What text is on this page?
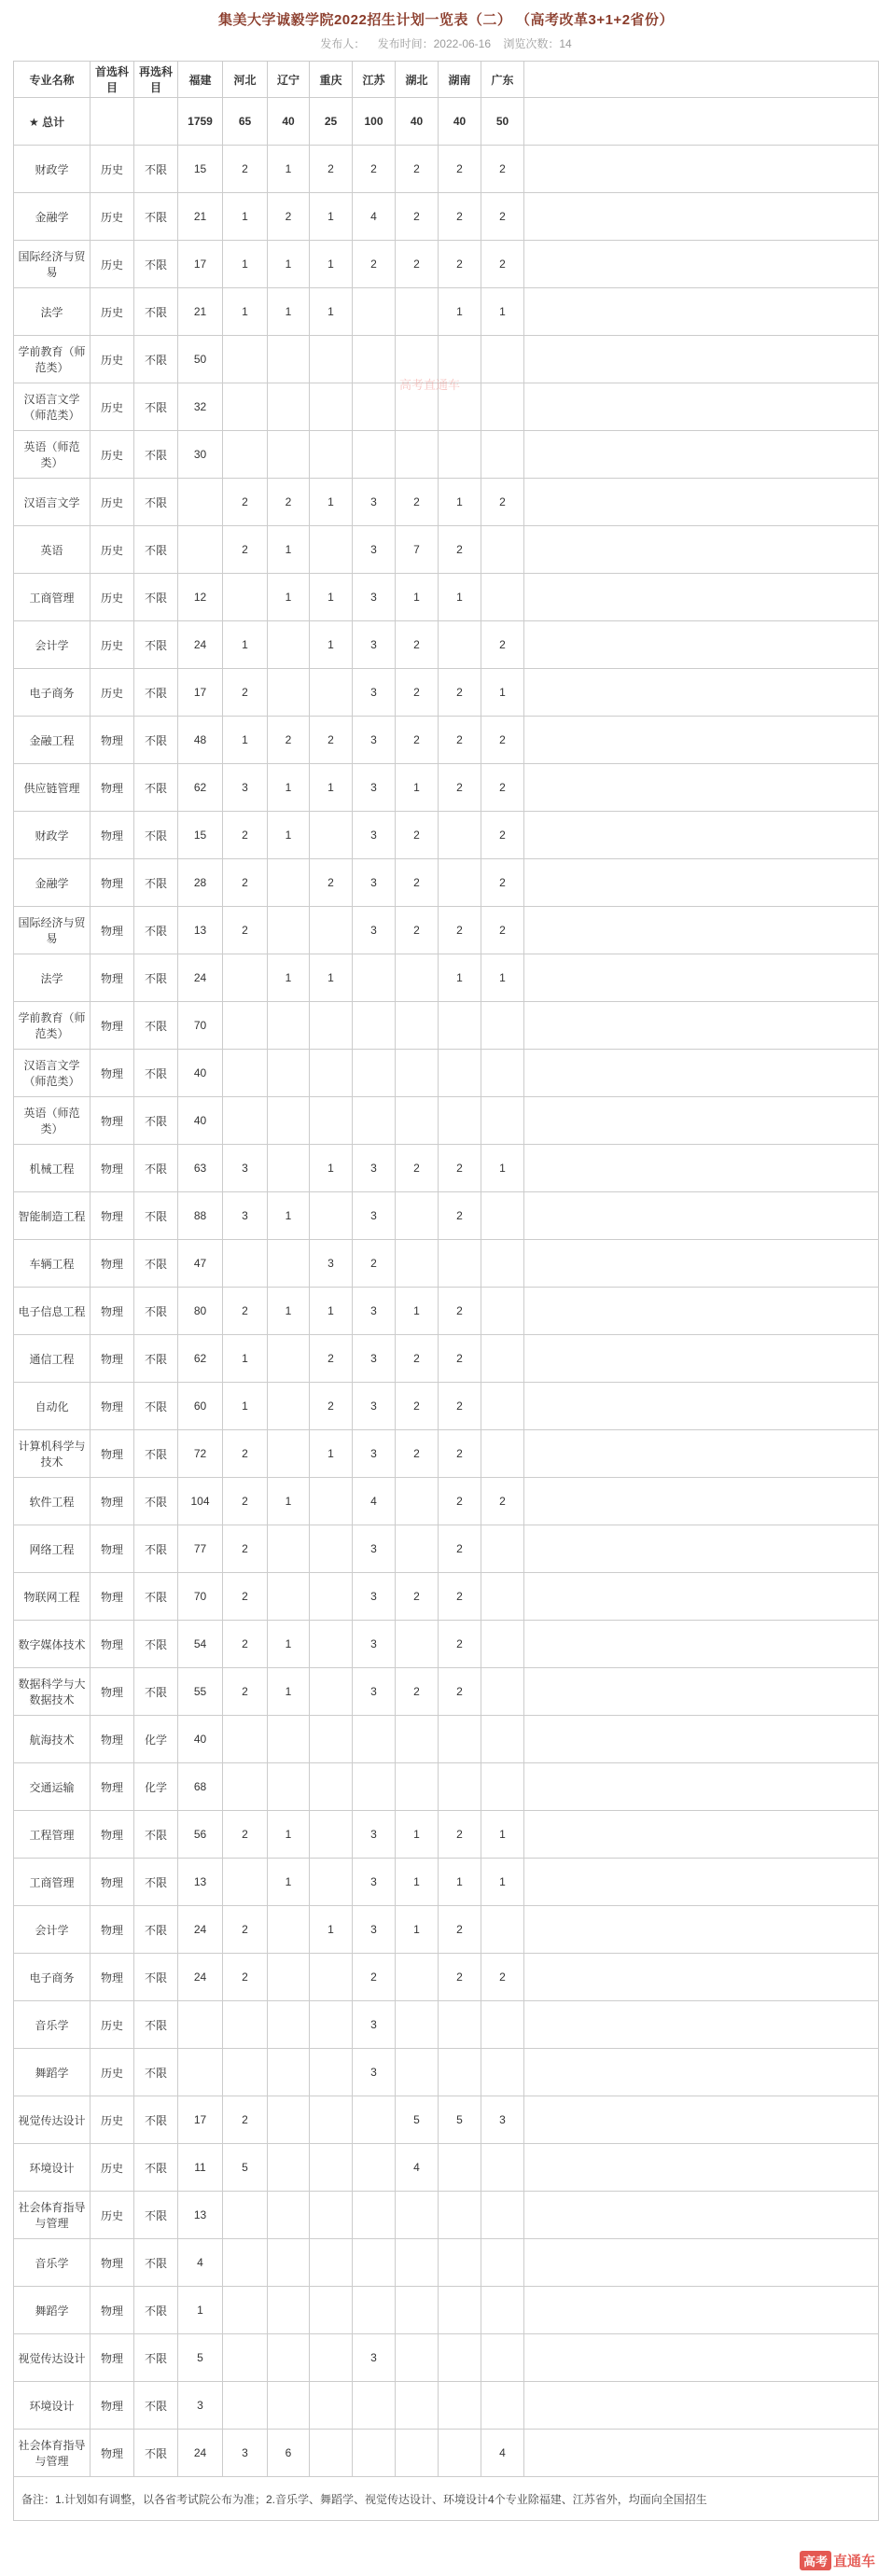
集美大学诚毅学院2022招生计划一览表（二） （高考改革3+1+2省份）
发布人： 发布时间：2022-06-16 浏览次数：14
专业名称	首选科目	再选科目	福建	河北	辽宁	重庆	江苏	湖北	湖南	广东	
★ 总计			1759	65	40	25	100	40	40	50	
财政学	历史	不限	15	2	1	2	2	2	2	2	
金融学	历史	不限	21	1	2	1	4	2	2	2	
国际经济与贸易	历史	不限	17	1	1	1	2	2	2	2	
法学	历史	不限	21	1	1	1			1	1	
学前教育（师范类）	历史	不限	50								
汉语言文学（师范类）	历史	不限	32								
英语（师范类）	历史	不限	30								
汉语言文学	历史	不限		2	2	1	3	2	1	2	
英语	历史	不限		2	1		3	7	2		
工商管理	历史	不限	12		1	1	3	1	1		
会计学	历史	不限	24	1		1	3	2		2	
电子商务	历史	不限	17	2			3	2	2	1	
金融工程	物理	不限	48	1	2	2	3	2	2	2	
供应链管理	物理	不限	62	3	1	1	3	1	2	2	
财政学	物理	不限	15	2	1		3	2		2	
金融学	物理	不限	28	2		2	3	2		2	
国际经济与贸易	物理	不限	13	2			3	2	2	2	
法学	物理	不限	24		1	1			1	1	
学前教育（师范类）	物理	不限	70								
汉语言文学（师范类）	物理	不限	40								
英语（师范类）	物理	不限	40								
机械工程	物理	不限	63	3		1	3	2	2	1	
智能制造工程	物理	不限	88	3	1		3		2		
车辆工程	物理	不限	47			3	2				
电子信息工程	物理	不限	80	2	1	1	3	1	2		
通信工程	物理	不限	62	1		2	3	2	2		
自动化	物理	不限	60	1		2	3	2	2		
计算机科学与技术	物理	不限	72	2		1	3	2	2		
软件工程	物理	不限	104	2	1		4		2	2	
网络工程	物理	不限	77	2			3		2		
物联网工程	物理	不限	70	2			3	2	2		
数字媒体技术	物理	不限	54	2	1		3		2		
数据科学与大数据技术	物理	不限	55	2	1		3	2	2		
航海技术	物理	化学	40								
交通运输	物理	化学	68								
工程管理	物理	不限	56	2	1		3	1	2	1	
工商管理	物理	不限	13		1		3	1	1	1	
会计学	物理	不限	24	2		1	3	1	2		
电子商务	物理	不限	24	2			2		2	2	
音乐学	历史	不限					3				
舞蹈学	历史	不限					3				
视觉传达设计	历史	不限	17	2				5	5	3	
环境设计	历史	不限	11	5				4			
社会体育指导与管理	历史	不限	13								
音乐学	物理	不限	4								
舞蹈学	物理	不限	1								
视觉传达设计	物理	不限	5				3				
环境设计	物理	不限	3								
社会体育指导与管理	物理	不限	24	3	6					4	
备注：1.计划如有调整，以各省考试院公布为准；2.音乐学、舞蹈学、视觉传达设计、环境设计4个专业除福建、江苏省外，均面向全国招生											
高考直通车
高考 直通车
